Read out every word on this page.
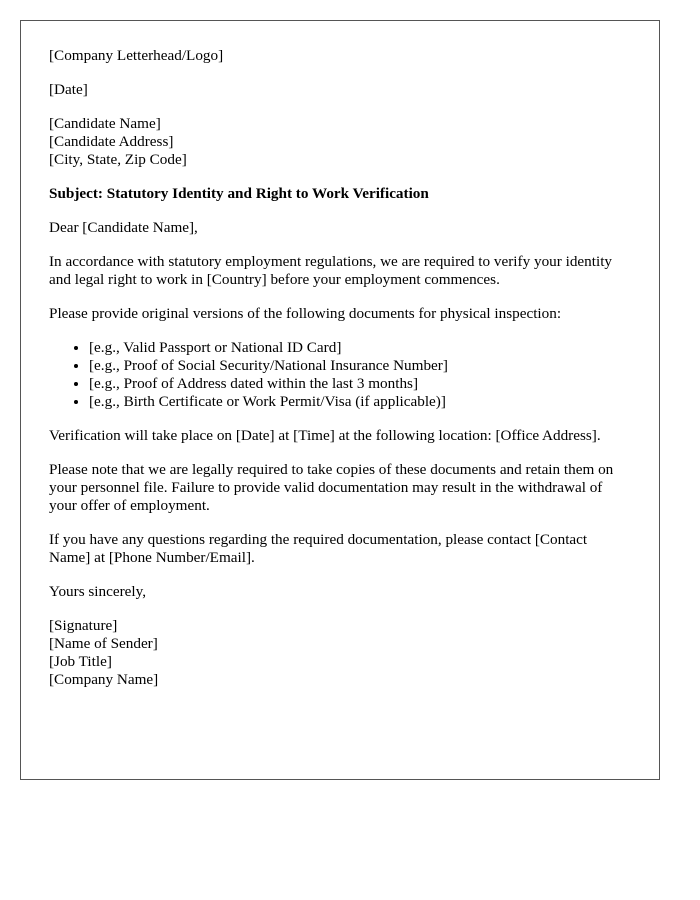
[Company Letterhead/Logo]

[Date]

[Candidate Name]
[Candidate Address]
[City, State, Zip Code]

Subject: Statutory Identity and Right to Work Verification

Dear [Candidate Name],

In accordance with statutory employment regulations, we are required to verify your identity and legal right to work in [Country] before your employment commences.

Please provide original versions of the following documents for physical inspection:

• [e.g., Valid Passport or National ID Card]
• [e.g., Proof of Social Security/National Insurance Number]
• [e.g., Proof of Address dated within the last 3 months]
• [e.g., Birth Certificate or Work Permit/Visa (if applicable)]

Verification will take place on [Date] at [Time] at the following location: [Office Address].

Please note that we are legally required to take copies of these documents and retain them on your personnel file. Failure to provide valid documentation may result in the withdrawal of your offer of employment.

If you have any questions regarding the required documentation, please contact [Contact Name] at [Phone Number/Email].

Yours sincerely,

[Signature]
[Name of Sender]
[Job Title]
[Company Name]
